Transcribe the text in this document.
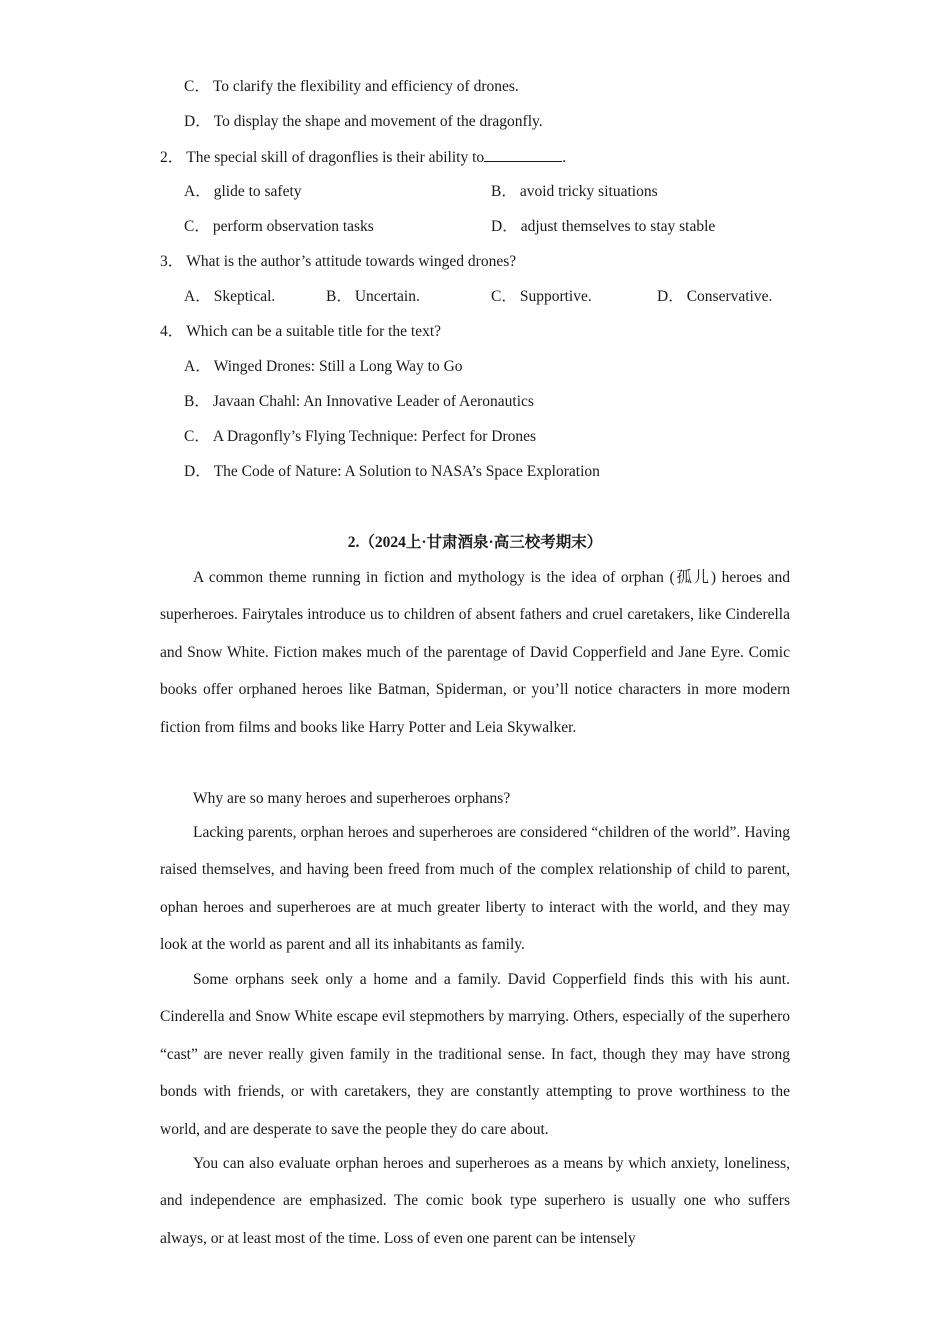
C． To clarify the flexibility and efficiency of drones.
D． To display the shape and movement of the dragonfly.
2． The special skill of dragonflies is their ability to	.
A． glide to safety	B． avoid tricky situations
C． perform observation tasks	D． adjust themselves to stay stable
3． What is the author’s attitude towards winged drones?
A． Skeptical.	B． Uncertain.	C． Supportive.	D． Conservative.
4． Which can be a suitable title for the text?
A． Winged Drones: Still a Long Way to Go
B． Javaan Chahl: An Innovative Leader of Aeronautics
C． A Dragonfly’s Flying Technique: Perfect for Drones
D． The Code of Nature: A Solution to NASA’s Space Exploration
2.（2024上·甘肃酒泉·高三校考期末）

A common theme running in fiction and mythology is the idea of orphan (孤儿) heroes and superheroes. Fairytales introduce us to children of absent fathers and cruel caretakers, like Cinderella and Snow White. Fiction makes much of the parentage of David Copperfield and Jane Eyre. Comic books offer orphaned heroes like Batman, Spiderman, or you’ll notice characters in more modern fiction from films and books like Harry Potter and Leia Skywalker.

Why are so many heroes and superheroes orphans?

Lacking parents, orphan heroes and superheroes are considered “children of the world”. Having raised themselves, and having been freed from much of the complex relationship of child to parent, ophan heroes and superheroes are at much greater liberty to interact with the world, and they may look at the world as parent and all its inhabitants as family.

Some orphans seek only a home and a family. David Copperfield finds this with his aunt. Cinderella and Snow White escape evil stepmothers by marrying. Others, especially of the superhero “cast” are never really given family in the traditional sense. In fact, though they may have strong bonds with friends, or with caretakers, they are constantly attempting to prove worthiness to the world, and are desperate to save the people they do care about.

You can also evaluate orphan heroes and superheroes as a means by which anxiety, loneliness, and independence are emphasized. The comic book type superhero is usually one who suffers always, or at least most of the time. Loss of even one parent can be intensely
